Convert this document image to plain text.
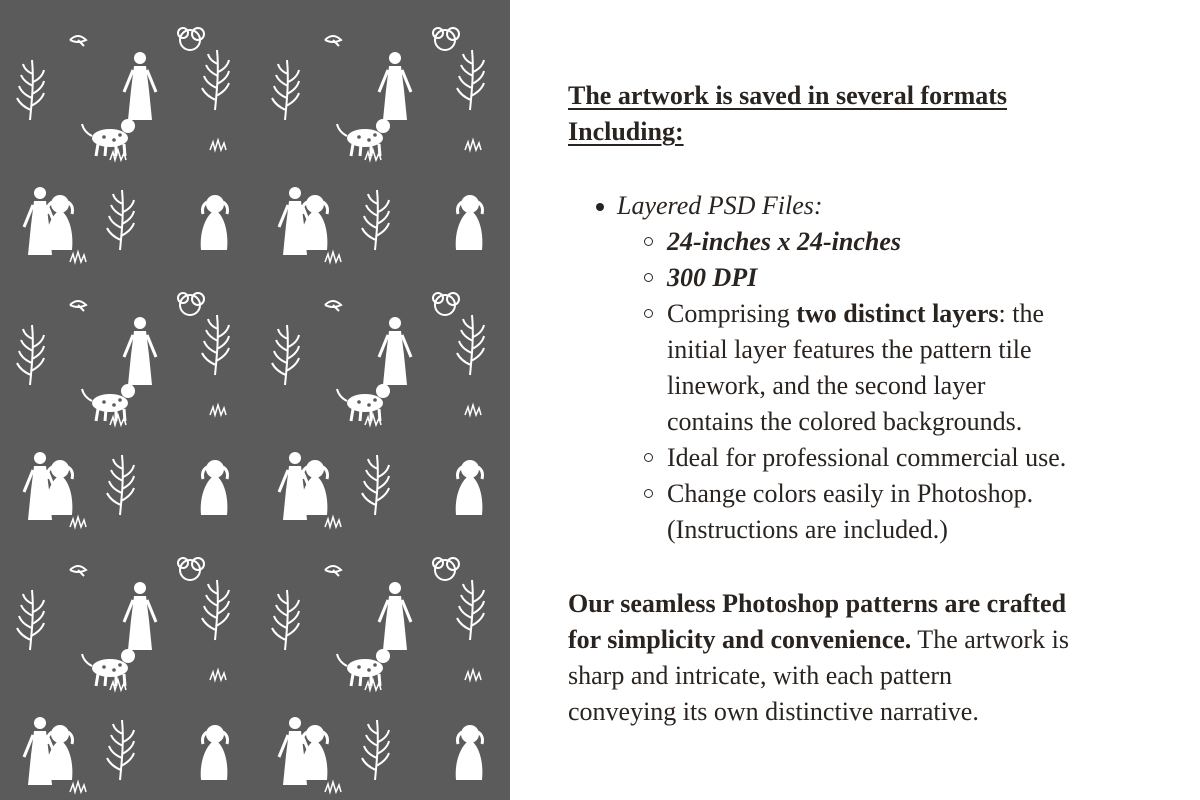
The artwork is saved in several formats
Including:
Layered PSD Files:
24-inches x 24-inches
300 DPI
Comprising two distinct layers: the
initial layer features the pattern tile
linework, and the second layer
contains the colored backgrounds.
Ideal for professional commercial use.
Change colors easily in Photoshop.
(Instructions are included.)

Our seamless Photoshop patterns are crafted
for simplicity and convenience. The artwork is
sharp and intricate, with each pattern
conveying its own distinctive narrative.
